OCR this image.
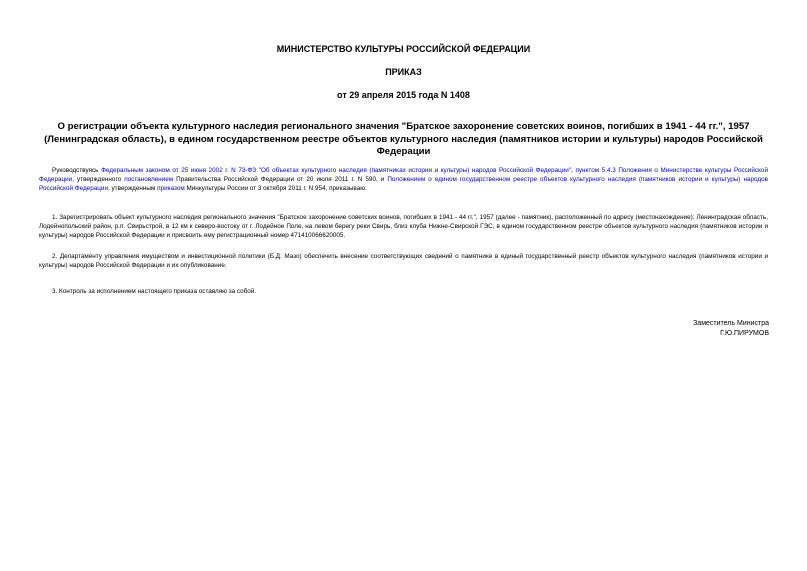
МИНИСТЕРСТВО КУЛЬТУРЫ РОССИЙСКОЙ ФЕДЕРАЦИИ
ПРИКАЗ
от 29 апреля 2015 года N 1408
О регистрации объекта культурного наследия регионального значения "Братское захоронение советских воинов, погибших в 1941 - 44 гг.", 1957 (Ленинградская область), в едином государственном реестре объектов культурного наследия (памятников истории и культуры) народов Российской Федерации
Руководствуясь Федеральным законом от 25 июня 2002 г. N 73-ФЗ "Об объектах культурного наследия (памятниках истории и культуры) народов Российской Федерации", пунктом 5.4.3 Положения о Министерстве культуры Российской Федерации, утвержденного постановлением Правительства Российской Федерации от 20 июля 2011 г. N 590, и Положением о едином государственном реестре объектов культурного наследия (памятников истории и культуры) народов Российской Федерации, утвержденным приказом Минкультуры России от 3 октября 2011 г. N 954, приказываю:
1. Зарегистрировать объект культурного наследия регионального значения "Братское захоронение советских воинов, погибших в 1941 - 44 гг.", 1957 (далее - памятник), расположенный по адресу (местонахождение): Ленинградская область, Лодейнопольский район, р.п. Свирьстрой, в 12 км к северо-востоку от г. Лодейное Поле, на левом берегу реки Свирь, близ клуба Нижне-Свирской ГЭС, в едином государственном реестре объектов культурного наследия (памятников истории и культуры) народов Российской Федерации и присвоить ему регистрационный номер 471410066620005.
2. Департаменту управления имуществом и инвестиционной политики (Б.Д. Мазо) обеспечить внесение соответствующих сведений о памятнике в единый государственный реестр объектов культурного наследия (памятников истории и культуры) народов Российской Федерации и их опубликование.
3. Контроль за исполнением настоящего приказа оставляю за собой.
Заместитель Министра
Г.Ю.ПИРУМОВ
